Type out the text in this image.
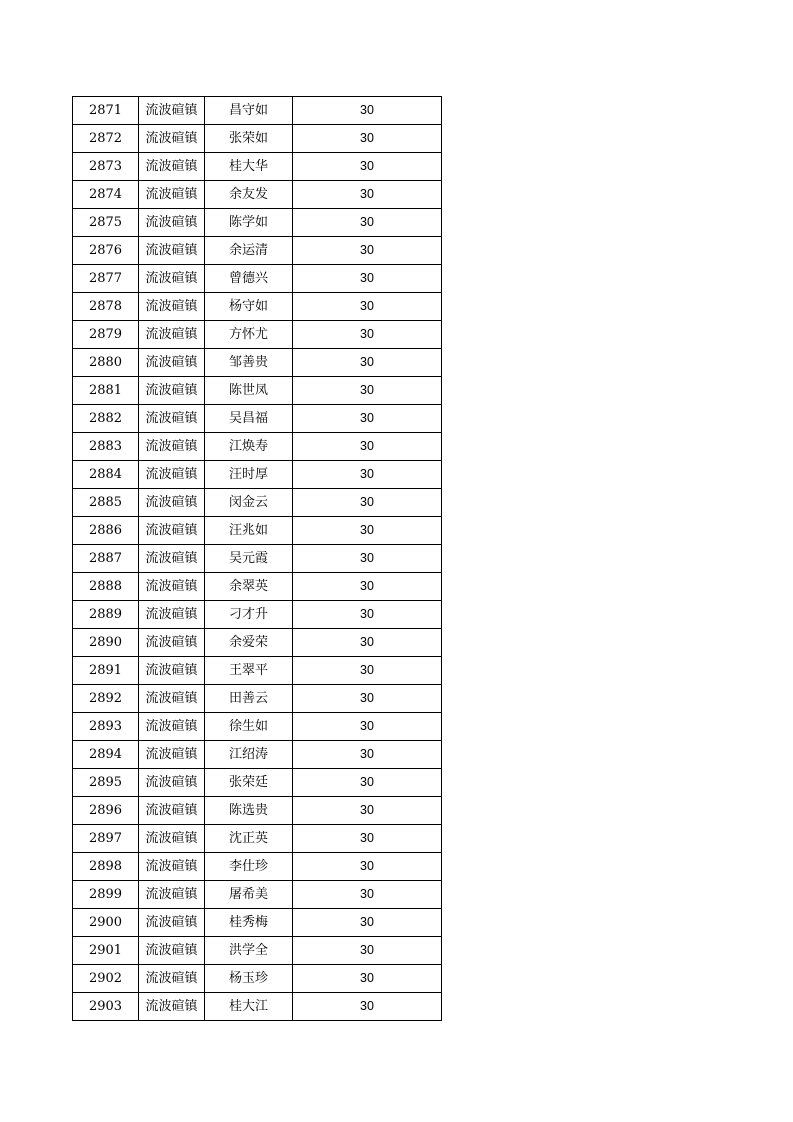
2871	流波碹镇	昌守如	30
2872	流波碹镇	张荣如	30
2873	流波碹镇	桂大华	30
2874	流波碹镇	余友发	30
2875	流波碹镇	陈学如	30
2876	流波碹镇	余运清	30
2877	流波碹镇	曾德兴	30
2878	流波碹镇	杨守如	30
2879	流波碹镇	方怀尤	30
2880	流波碹镇	邹善贵	30
2881	流波碹镇	陈世凤	30
2882	流波碹镇	吴昌福	30
2883	流波碹镇	江焕寿	30
2884	流波碹镇	汪时厚	30
2885	流波碹镇	闵金云	30
2886	流波碹镇	汪兆如	30
2887	流波碹镇	吴元霞	30
2888	流波碹镇	余翠英	30
2889	流波碹镇	刁才升	30
2890	流波碹镇	余爱荣	30
2891	流波碹镇	王翠平	30
2892	流波碹镇	田善云	30
2893	流波碹镇	徐生如	30
2894	流波碹镇	江绍涛	30
2895	流波碹镇	张荣廷	30
2896	流波碹镇	陈选贵	30
2897	流波碹镇	沈正英	30
2898	流波碹镇	李仕珍	30
2899	流波碹镇	屠希美	30
2900	流波碹镇	桂秀梅	30
2901	流波碹镇	洪学全	30
2902	流波碹镇	杨玉珍	30
2903	流波碹镇	桂大江	30
